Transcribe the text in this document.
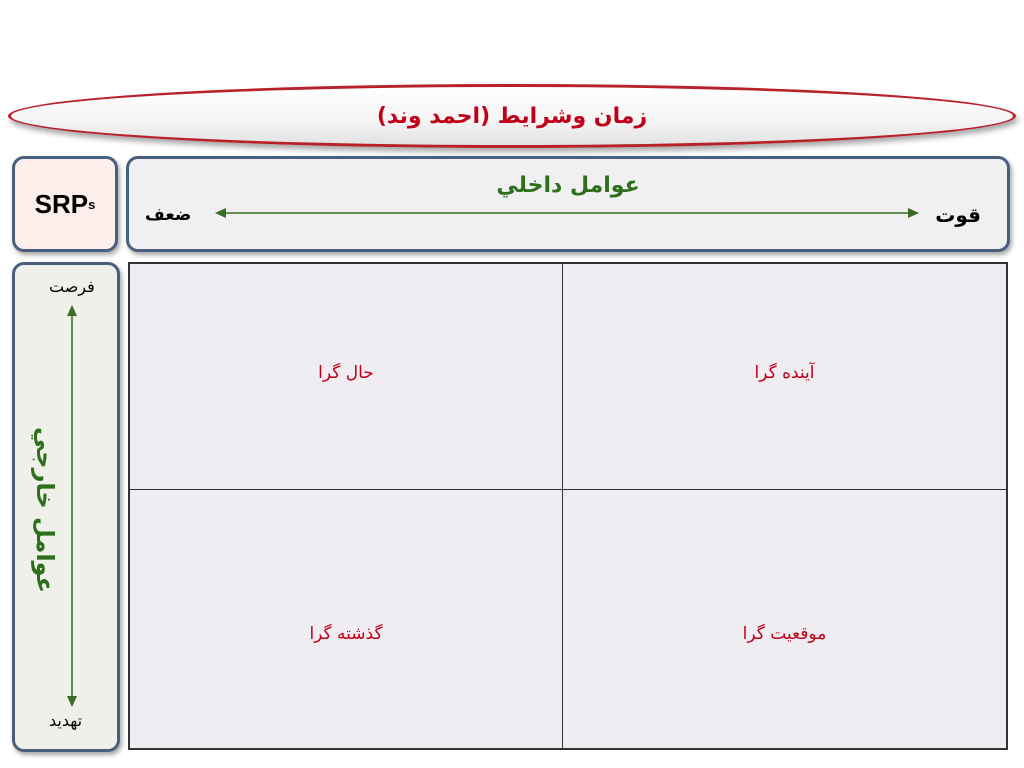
زمان وشرايط (احمد وند)
SRP s
عوامل داخلي
قوت
ضعف
فرصت
عوامل خارجي
تهديد
حال گرا	آينده گرا
گذشته گرا	موقعيت گرا
